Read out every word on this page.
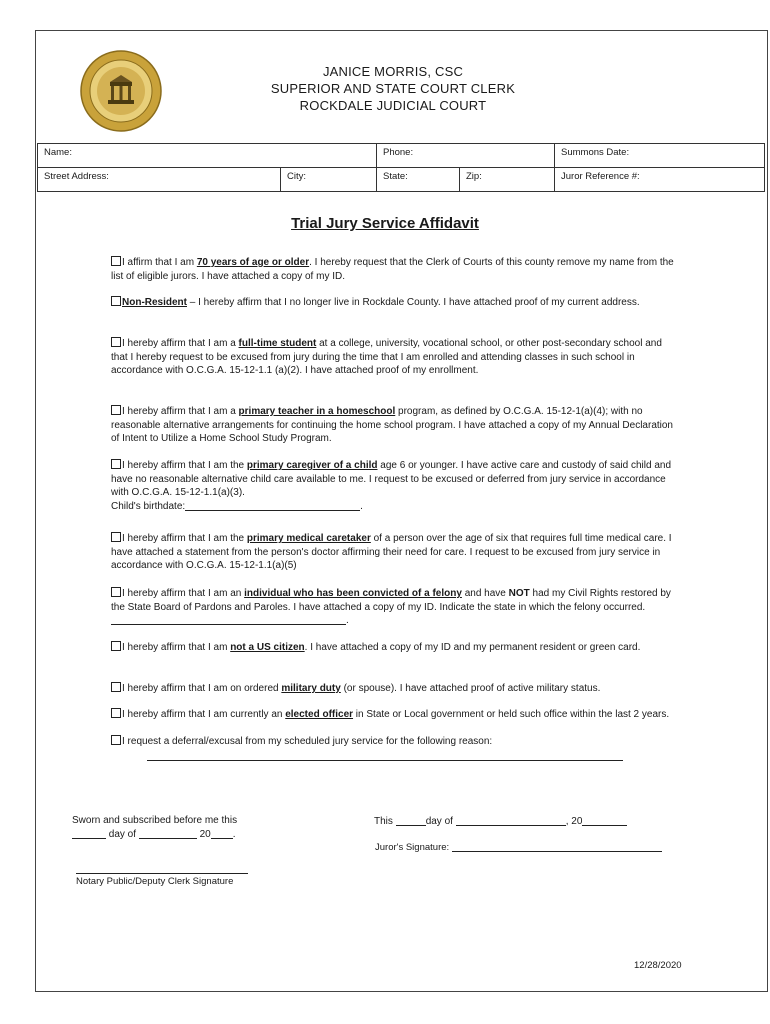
JANICE MORRIS, CSC
SUPERIOR AND STATE COURT CLERK
ROCKDALE JUDICIAL COURT
Name:		Phone:		Summons Date:
Street Address:	City:	State:	Zip:	Juror Reference #:
Trial Jury Service Affidavit

I affirm that I am 70 years of age or older. I hereby request that the Clerk of Courts of this county remove my name from the list of eligible jurors. I have attached a copy of my ID.

Non-Resident – I hereby affirm that I no longer live in Rockdale County. I have attached proof of my current address.

I hereby affirm that I am a full-time student at a college, university, vocational school, or other post-secondary school and that I hereby request to be excused from jury during the time that I am enrolled and attending classes in such school in accordance with O.C.G.A. 15-12-1.1 (a)(2). I have attached proof of my enrollment.

I hereby affirm that I am a primary teacher in a homeschool program, as defined by O.C.G.A. 15-12-1(a)(4); with no reasonable alternative arrangements for continuing the home school program. I have attached a copy of my Annual Declaration of Intent to Utilize a Home School Study Program.

I hereby affirm that I am the primary caregiver of a child age 6 or younger. I have active care and custody of said child and have no reasonable alternative child care available to me. I request to be excused or deferred from jury service in accordance with O.C.G.A. 15-12-1.1(a)(3).

Child's birthdate:	.

I hereby affirm that I am the primary medical caretaker of a person over the age of six that requires full time medical care. I have attached a statement from the person's doctor affirming their need for care. I request to be excused from jury service in accordance with O.C.G.A. 15-12-1.1(a)(5)

I hereby affirm that I am an individual who has been convicted of a felony and have NOT had my Civil Rights restored by the State Board of Pardons and Paroles. I have attached a copy of my ID. Indicate the state in which the felony occurred. .

I hereby affirm that I am not a US citizen. I have attached a copy of my ID and my permanent resident or green card.

I hereby affirm that I am on ordered military duty (or spouse). I have attached proof of active military status.

I hereby affirm that I am currently an elected officer in State or Local government or held such office within the last 2 years.

I request a deferral/excusal from my scheduled jury service for the following reason:

Sworn and subscribed before me this
day of	20 .
This	day of	, 20
Juror's Signature:
Notary Public/Deputy Clerk Signature
12/28/2020
